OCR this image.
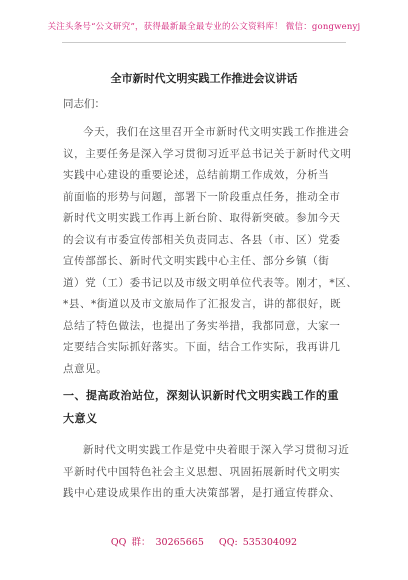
关注头条号“公文研究”，获得最新最全最专业的公文资料库！ 微信：gongwenyj
全市新时代文明实践工作推进会议讲话
同志们：
今天，我们在这里召开全市新时代文明实践工作推进会
议，主要任务是深入学习贯彻习近平总书记关于新时代文明
实践中心建设的重要论述，总结前期工作成效，分析当
前面临的形势与问题，部署下一阶段重点任务，推动全市
新时代文明实践工作再上新台阶、取得新突破。参加今天
的会议有市委宣传部相关负责同志、各县（市、区）党委
宣传部部长、新时代文明实践中心主任、部分乡镇（街
道）党（工）委书记以及市级文明单位代表等。刚才，*区、
*县、*街道以及市文旅局作了汇报发言，讲的都很好，既
总结了特色做法，也提出了务实举措，我都同意，大家一
定要结合实际抓好落实。下面，结合工作实际，我再讲几
点意见。
一、提高政治站位，深刻认识新时代文明实践工作的重
大意义
新时代文明实践工作是党中央着眼于深入学习贯彻习近
平新时代中国特色社会主义思想、巩固拓展新时代文明实
践中心建设成果作出的重大决策部署，是打通宣传群众、
QQ 群： 30265665 QQ: 535304092
